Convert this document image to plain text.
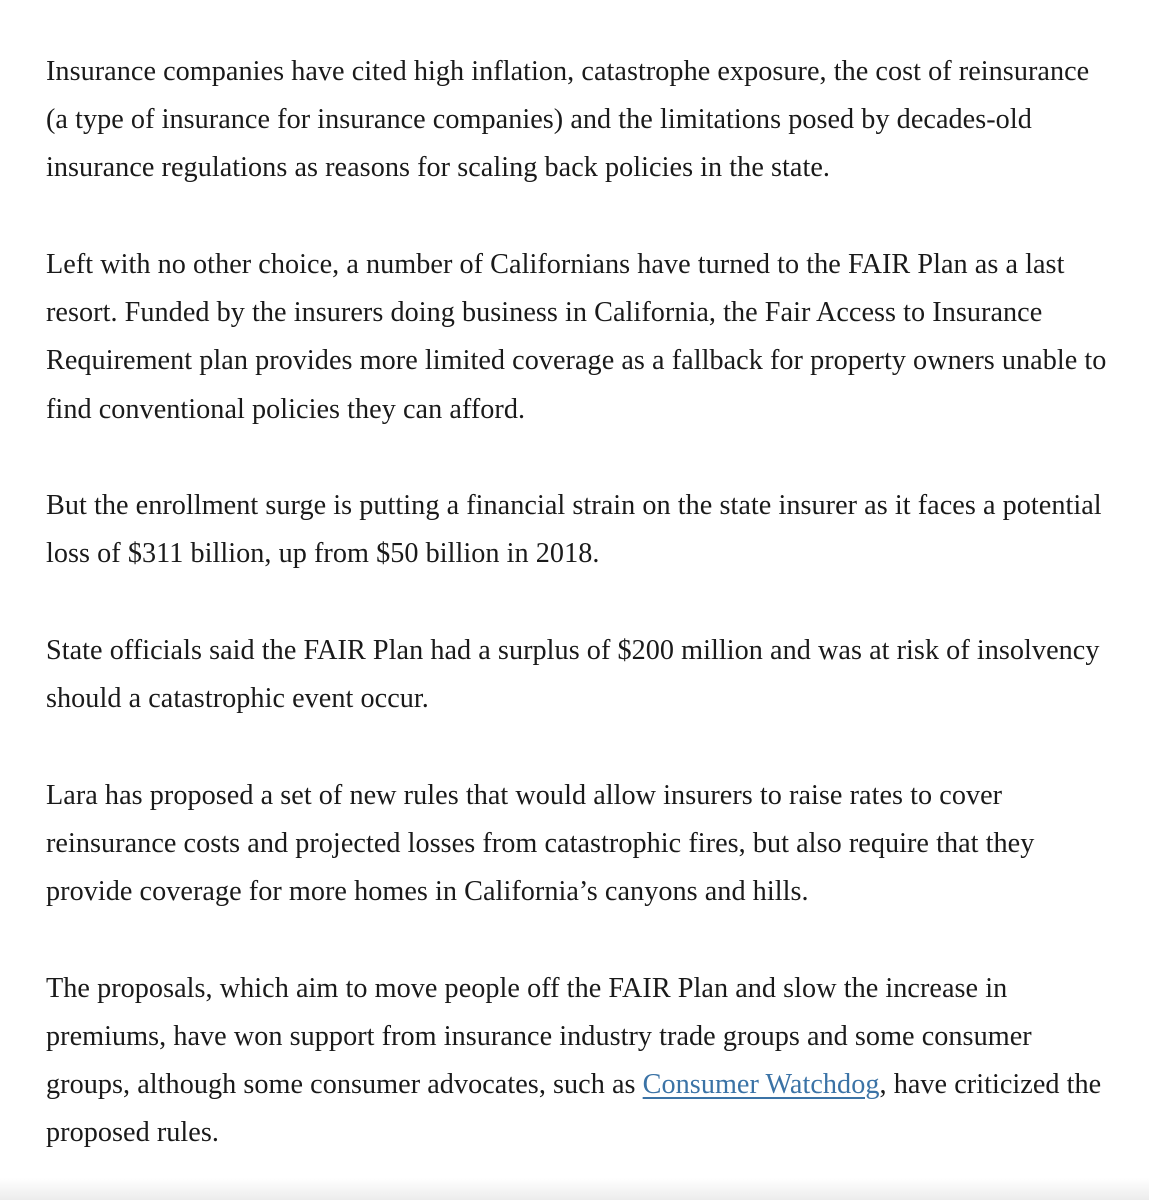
Insurance companies have cited high inflation, catastrophe exposure, the cost of reinsurance (a type of insurance for insurance companies) and the limitations posed by decades-old insurance regulations as reasons for scaling back policies in the state.

Left with no other choice, a number of Californians have turned to the FAIR Plan as a last resort. Funded by the insurers doing business in California, the Fair Access to Insurance Requirement plan provides more limited coverage as a fallback for property owners unable to find conventional policies they can afford.

But the enrollment surge is putting a financial strain on the state insurer as it faces a potential loss of $311 billion, up from $50 billion in 2018.

State officials said the FAIR Plan had a surplus of $200 million and was at risk of insolvency should a catastrophic event occur.

Lara has proposed a set of new rules that would allow insurers to raise rates to cover reinsurance costs and projected losses from catastrophic fires, but also require that they provide coverage for more homes in California’s canyons and hills.

The proposals, which aim to move people off the FAIR Plan and slow the increase in premiums, have won support from insurance industry trade groups and some consumer groups, although some consumer advocates, such as Consumer Watchdog, have criticized the proposed rules.
